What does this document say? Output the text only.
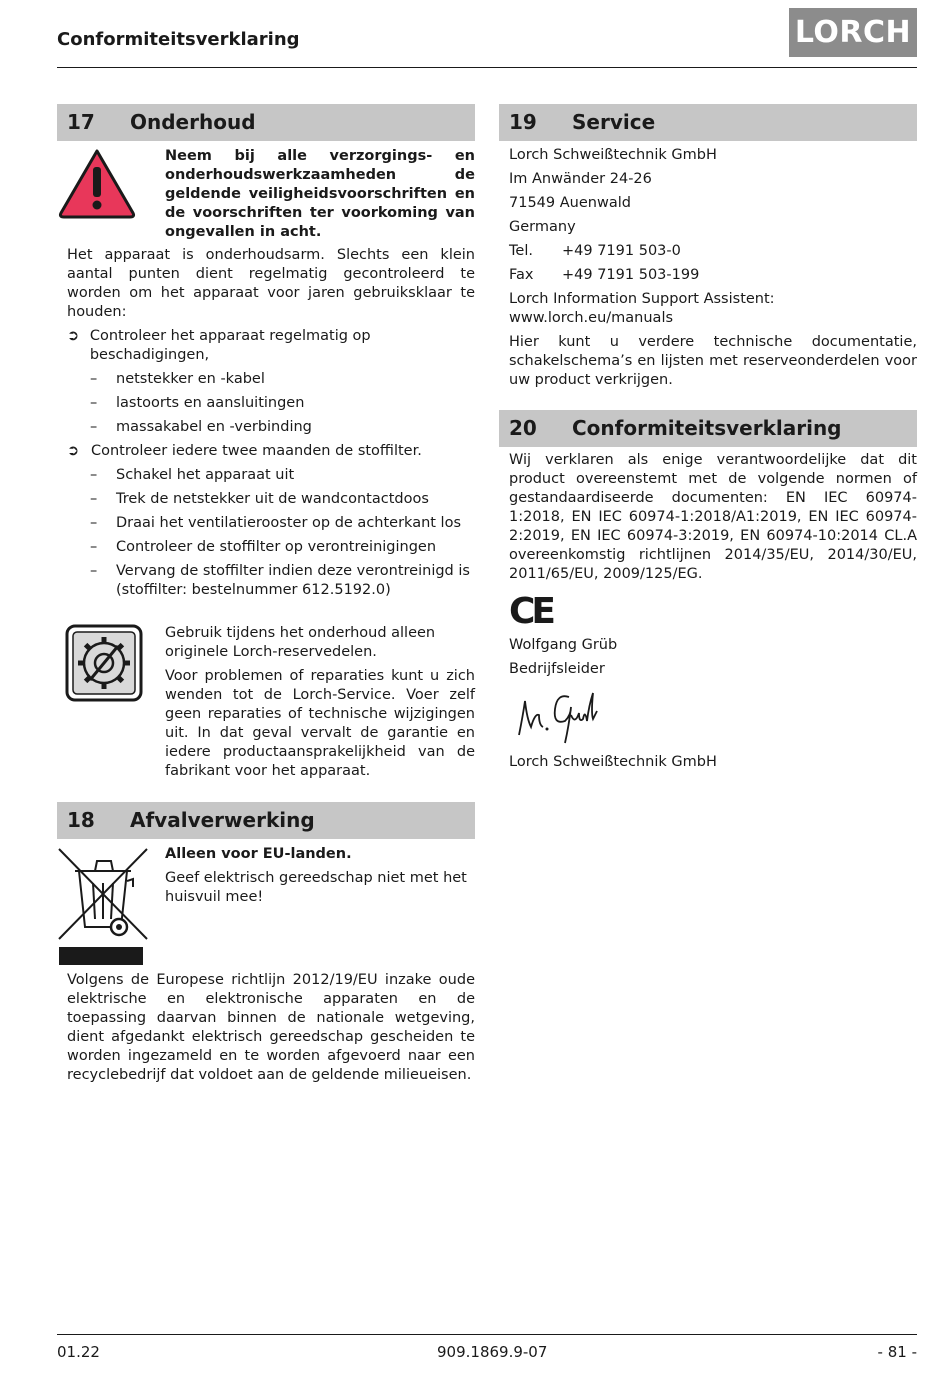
Conformiteitsverklaring	LORCH
17	Onderhoud
Neem bij alle verzorgings- en onderhoudswerkzaamheden de geldende veiligheidsvoorschriften en de voorschriften ter voorkoming van ongevallen in acht.

Het apparaat is onderhoudsarm. Slechts een klein aantal punten dient regelmatig gecontroleerd te worden om het apparaat voor jaren gebruiksklaar te houden:

➲ Controleer het apparaat regelmatig op beschadigingen,
–	netstekker en -kabel
–	lastoorts en aansluitingen
–	massakabel en -verbinding
➲ Controleer iedere twee maanden de stoffilter.
–	Schakel het apparaat uit
–	Trek de netstekker uit de wandcontactdoos
–	Draai het ventilatierooster op de achterkant los
–	Controleer de stoffilter op verontreinigingen
–	Vervang de stoffilter indien deze verontreinigd is (stoffilter: bestelnummer 612.5192.0)

Gebruik tijdens het onderhoud alleen originele Lorch-reservedelen.

Voor problemen of reparaties kunt u zich wenden tot de Lorch-Service. Voer zelf geen reparaties of technische wijzigingen uit. In dat geval vervalt de garantie en iedere productaansprakelijkheid van de fabrikant voor het apparaat.

18	Afvalverwerking
Alleen voor EU-landen.
Geef elektrisch gereedschap niet met het huisvuil mee!

Volgens de Europese richtlijn 2012/19/EU inzake oude elektrische en elektronische apparaten en de toepassing daarvan binnen de nationale wetgeving, dient afgedankt elektrisch gereedschap gescheiden te worden ingezameld en te worden afgevoerd naar een recyclebedrijf dat voldoet aan de geldende milieueisen.

19	Service
Lorch Schweißtechnik GmbH
Im Anwänder 24-26
71549 Auenwald
Germany
Tel.	+49 7191 503-0
Fax	+49 7191 503-199
Lorch Information Support Assistent:
www.lorch.eu/manuals

Hier kunt u verdere technische documentatie, schakelschema’s en lijsten met reserveonderdelen voor uw product verkrijgen.

20	Conformiteitsverklaring

Wij verklaren als enige verantwoordelijke dat dit product overeenstemt met de volgende normen of gestandaardiseerde documenten: EN IEC 60974-1:2018, EN IEC 60974-1:2018/A1:2019, EN IEC 60974-2:2019, EN IEC 60974-3:2019, EN 60974-10:2014 CL.A overeenkomstig richtlijnen 2014/35/EU, 2014/30/EU, 2011/65/EU, 2009/125/EG.

CE
Wolfgang Grüb
Bedrijfsleider
Lorch Schweißtechnik GmbH
01.22	909.1869.9-07	- 81 -
